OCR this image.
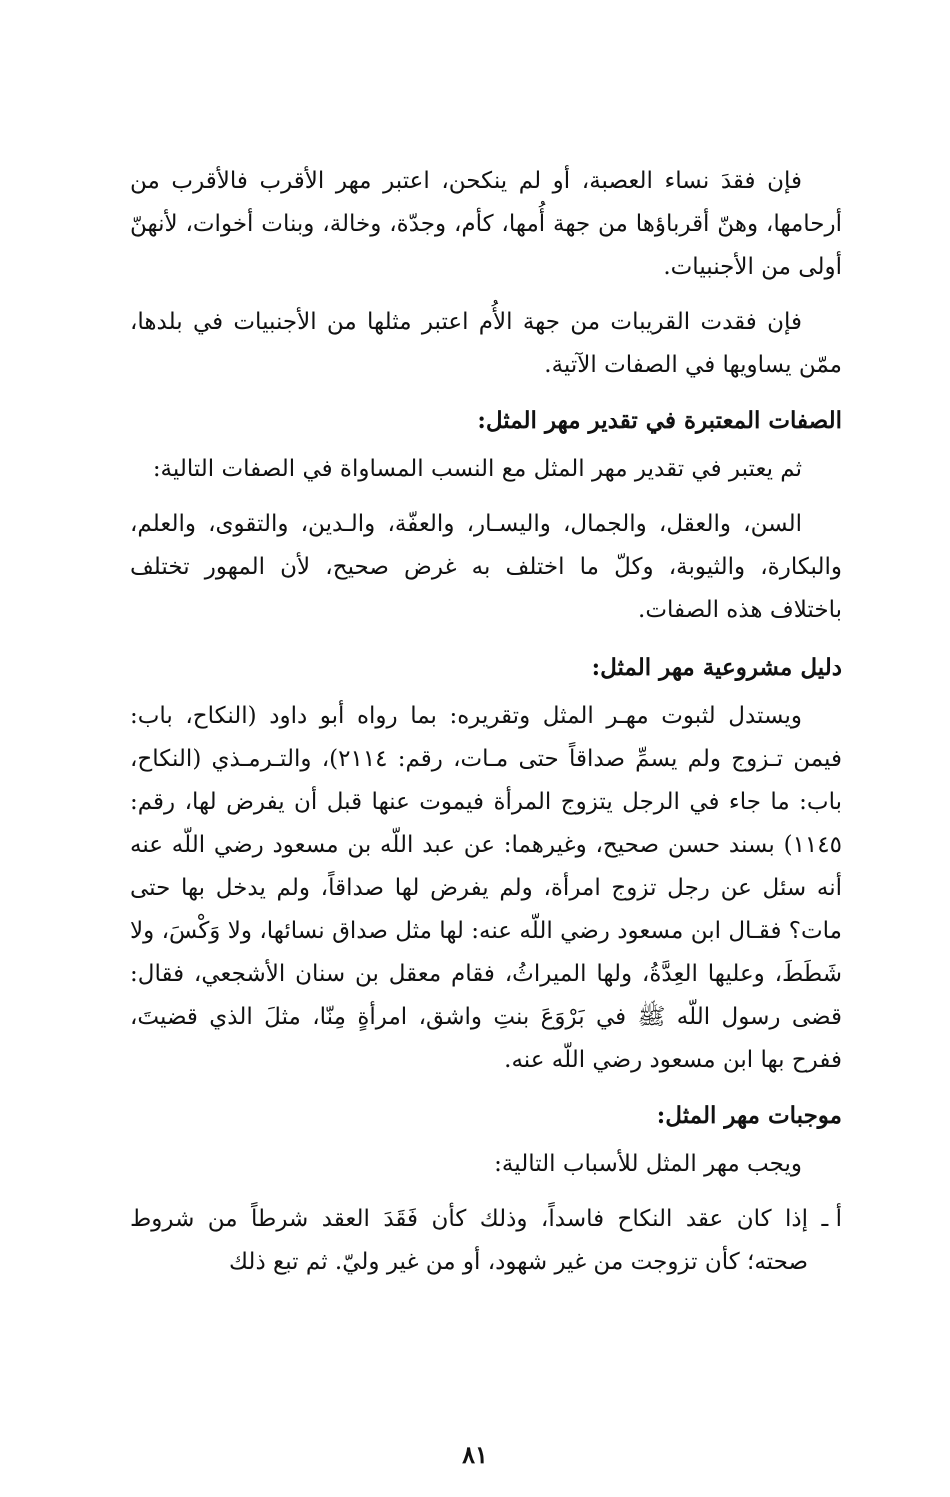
فإن فقدَ نساء العصبة، أو لم ينكحن، اعتبر مهر الأقرب فالأقرب من أرحامها، وهنّ أقرباؤها من جهة أُمها، كأم، وجدّة، وخالة، وبنات أخوات، لأنهنّ أولى من الأجنبيات.

فإن فقدت القريبات من جهة الأُم اعتبر مثلها من الأجنبيات في بلدها، ممّن يساويها في الصفات الآتية.

الصفات المعتبرة في تقدير مهر المثل:

ثم يعتبر في تقدير مهر المثل مع النسب المساواة في الصفات التالية:

السن، والعقل، والجمال، واليسـار، والعفّة، والـدين، والتقوى، والعلم، والبكارة، والثيوبة، وكلّ ما اختلف به غرض صحيح، لأن المهور تختلف باختلاف هذه الصفات.

دليل مشروعية مهر المثل:

ويستدل لثبوت مهـر المثل وتقريره: بما رواه أبو داود (النكاح، باب: فيمن تـزوج ولم يسمِّ صداقاً حتى مـات، رقم: ٢١١٤)، والتـرمـذي (النكاح، باب: ما جاء في الرجل يتزوج المرأة فيموت عنها قبل أن يفرض لها، رقم: ١١٤٥) بسند حسن صحيح، وغيرهما: عن عبد اللّه بن مسعود رضي اللّه عنه أنه سئل عن رجل تزوج امرأة، ولم يفرض لها صداقاً، ولم يدخل بها حتى مات؟ فقـال ابن مسعود رضي اللّه عنه: لها مثل صداق نسائها، ولا وَكْسَ، ولا شَطَطَ، وعليها العِدَّةُ، ولها الميراثُ، فقام معقل بن سنان الأشجعي، فقال: قضى رسول اللّه ﷺ في بَرْوَعَ بنتِ واشق، امرأةٍ مِنّا، مثلَ الذي قضيتَ، ففرح بها ابن مسعود رضي اللّه عنه.

موجبات مهر المثل:

ويجب مهر المثل للأسباب التالية:

أ ـ
إذا كان عقد النكاح فاسداً، وذلك كأن فَقَدَ العقد شرطاً من شروط صحته؛ كأن تزوجت من غير شهود، أو من غير وليّ. ثم تبع ذلك
٨١
